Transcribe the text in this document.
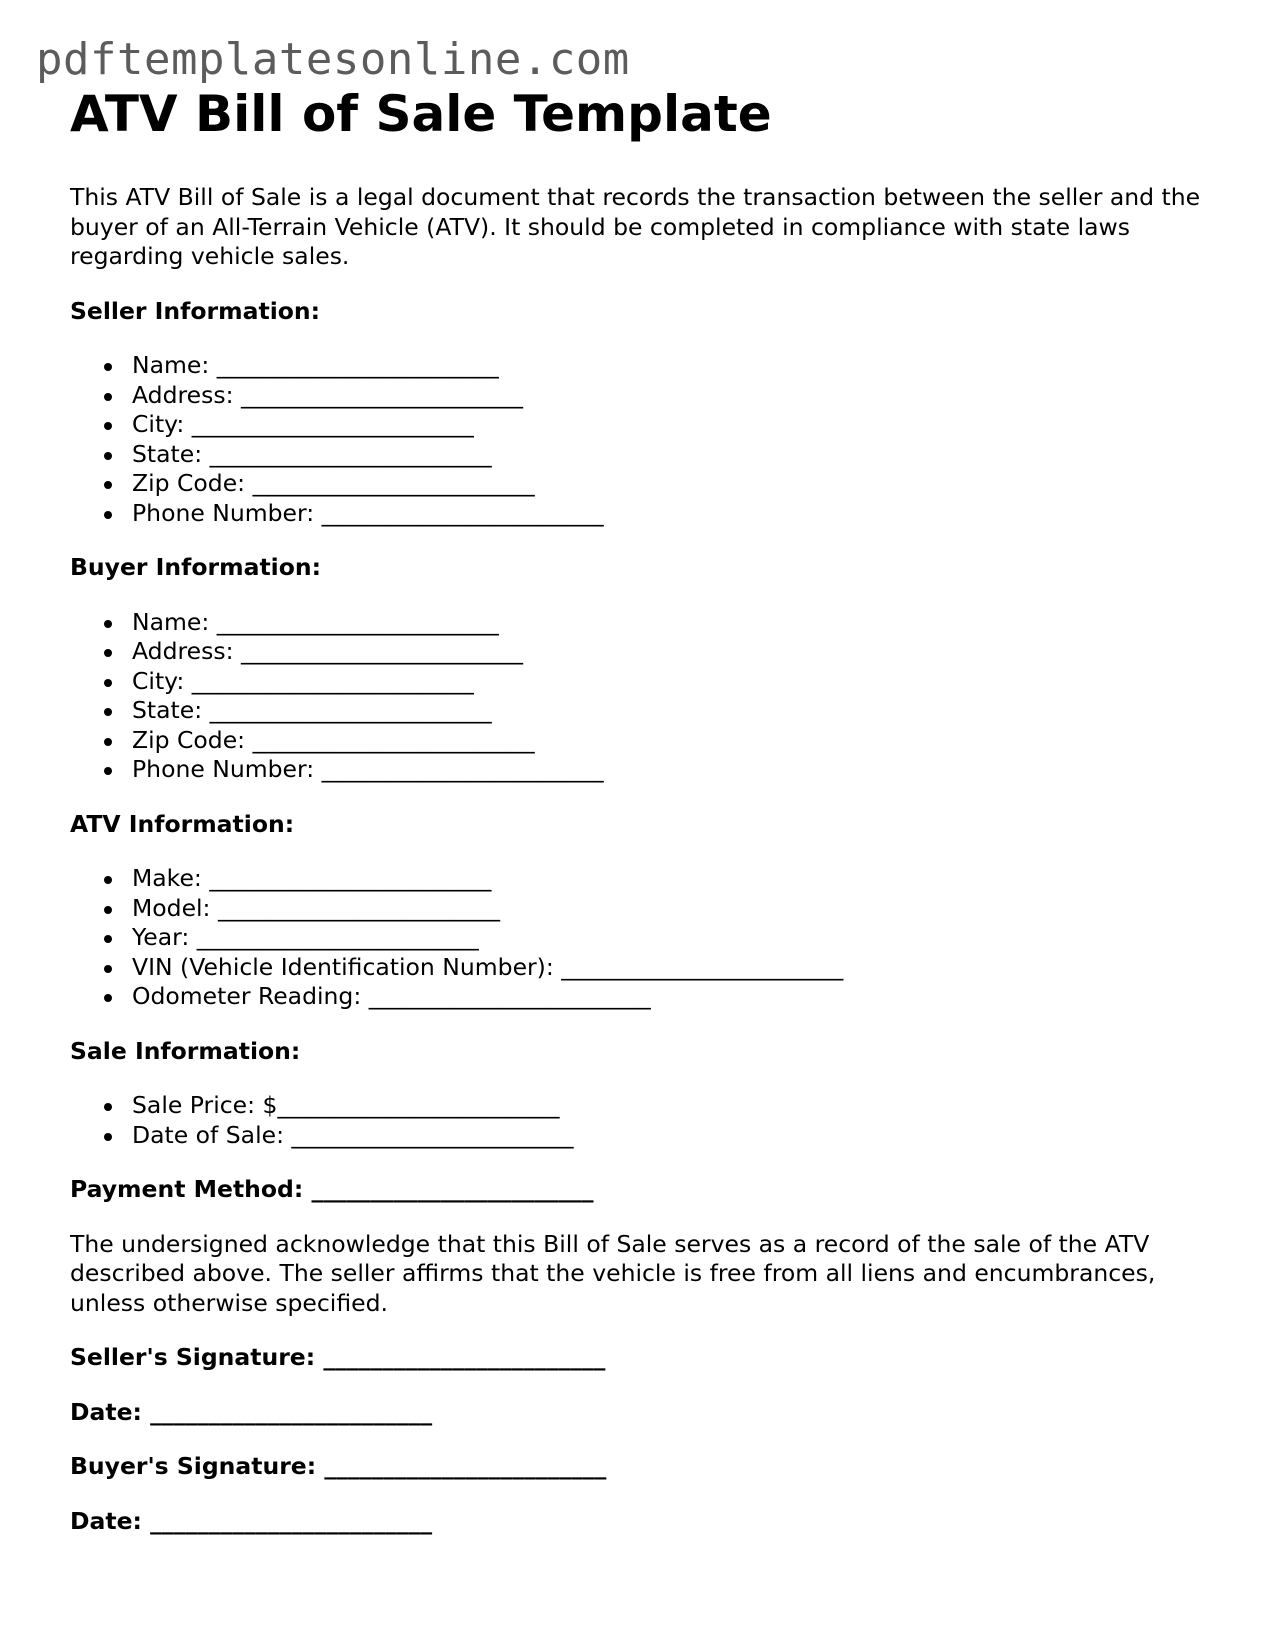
pdftemplatesonline.com
ATV Bill of Sale Template

This ATV Bill of Sale is a legal document that records the transaction between the seller and the buyer of an All-Terrain Vehicle (ATV). It should be completed in compliance with state laws regarding vehicle sales.

Seller Information:
Name: ________________________
Address: ________________________
City: ________________________
State: ________________________
Zip Code: ________________________
Phone Number: ________________________
Buyer Information:
Name: ________________________
Address: ________________________
City: ________________________
State: ________________________
Zip Code: ________________________
Phone Number: ________________________
ATV Information:
Make: ________________________
Model: ________________________
Year: ________________________
VIN (Vehicle Identification Number): ________________________
Odometer Reading: ________________________
Sale Information:
Sale Price: $________________________
Date of Sale: ________________________
Payment Method: ________________________

The undersigned acknowledge that this Bill of Sale serves as a record of the sale of the ATV described above. The seller affirms that the vehicle is free from all liens and encumbrances, unless otherwise specified.

Seller's Signature: ________________________
Date: ________________________
Buyer's Signature: ________________________
Date: ________________________
